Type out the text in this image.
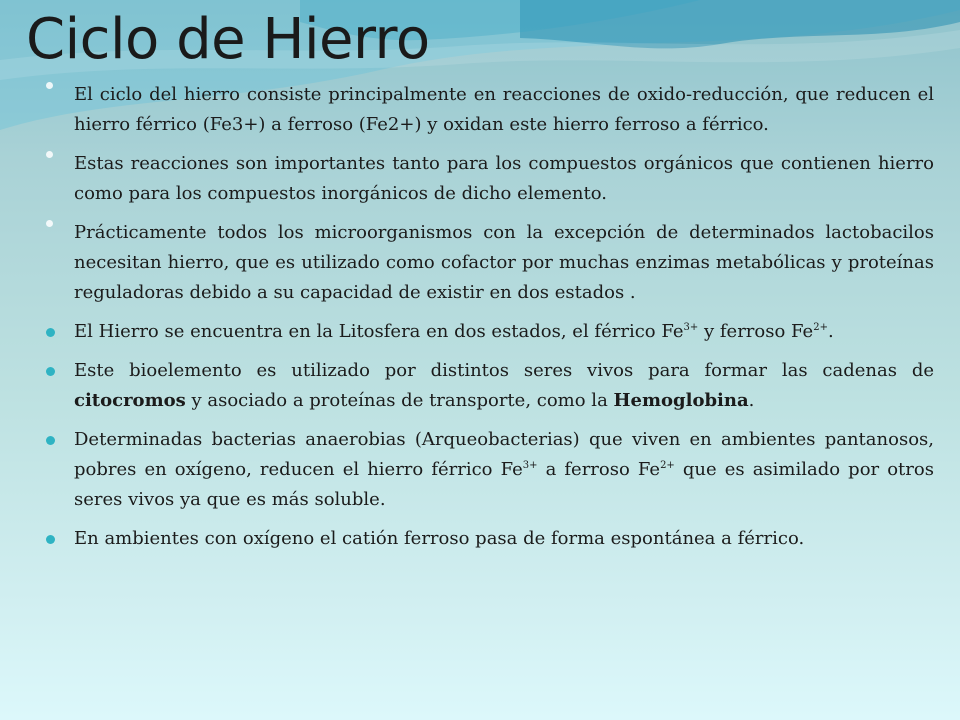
Ciclo de Hierro
El ciclo del hierro consiste principalmente en reacciones de oxido-reducción, que reducen el hierro férrico (Fe3+) a ferroso (Fe2+) y oxidan este hierro ferroso a férrico.
Estas reacciones son importantes tanto para los compuestos orgánicos que contienen hierro como para los compuestos inorgánicos de dicho elemento.
Prácticamente todos los microorganismos con la excepción de determinados lactobacilos necesitan hierro, que es utilizado como cofactor por muchas enzimas metabólicas y proteínas reguladoras debido a su capacidad de existir en dos estados .
El Hierro se encuentra en la Litosfera en dos estados, el férrico $Fe^{3+}$ y ferroso $Fe^{2+}$.
Este bioelemento es utilizado por distintos seres vivos para formar las cadenas de citocromos y asociado a proteínas de transporte, como la Hemoglobina.
Determinadas bacterias anaerobias (Arqueobacterias) que viven en ambientes pantanosos, pobres en oxígeno, reducen el hierro férrico $Fe^{3+}$ a ferroso $Fe^{2+}$ que es asimilado por otros seres vivos ya que es más soluble.
En ambientes con oxígeno el catión ferroso pasa de forma espontánea a férrico.
